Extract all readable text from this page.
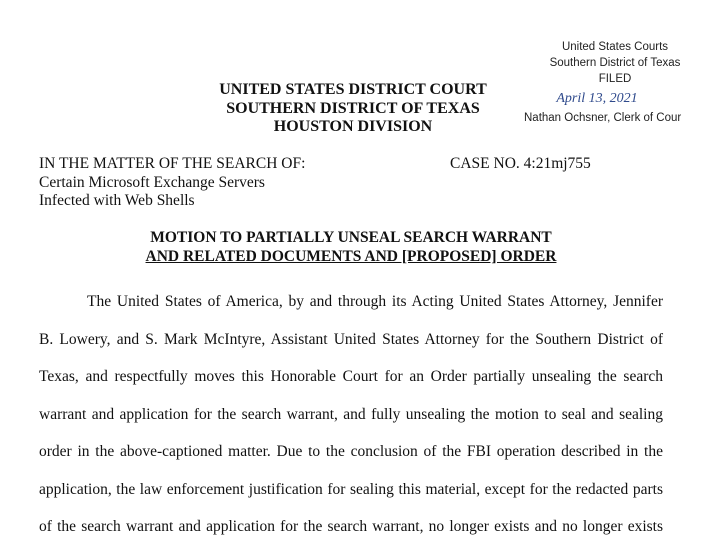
United States Courts
Southern District of Texas
FILED
April 13, 2021
Nathan Ochsner, Clerk of Cour
UNITED STATES DISTRICT COURT
SOUTHERN DISTRICT OF TEXAS
HOUSTON DIVISION
IN THE MATTER OF THE SEARCH OF:
Certain Microsoft Exchange Servers
Infected with Web Shells
CASE NO. 4:21mj755
MOTION TO PARTIALLY UNSEAL SEARCH WARRANT
AND RELATED DOCUMENTS AND [PROPOSED] ORDER
The United States of America, by and through its Acting United States Attorney, Jennifer
B. Lowery, and S. Mark McIntyre, Assistant United States Attorney for the Southern District of
Texas, and respectfully moves this Honorable Court for an Order partially unsealing the search
warrant and application for the search warrant, and fully unsealing the motion to seal and sealing
order in the above-captioned matter. Due to the conclusion of the FBI operation described in the
application, the law enforcement justification for sealing this material, except for the redacted parts
of the search warrant and application for the search warrant, no longer exists and no longer exists
